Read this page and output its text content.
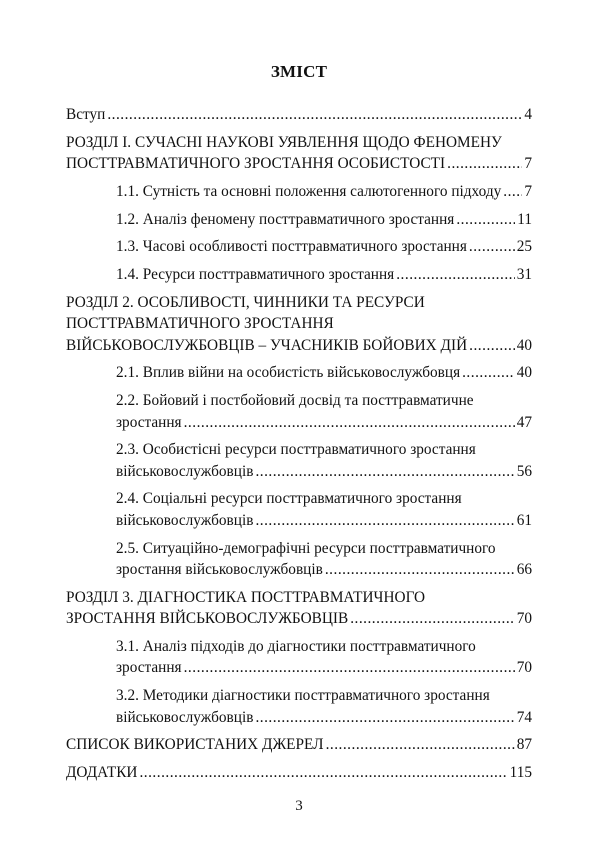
ЗМІСТ
Вступ .....	4
РОЗДІЛ І. СУЧАСНІ НАУКОВІ УЯВЛЕННЯ ЩОДО ФЕНОМЕНУ
ПОСТТРАВМАТИЧНОГО ЗРОСТАННЯ ОСОБИСТОСТІ .....	7
1.1. Сутність та основні положення салютогенного підходу ..... 7
1.2. Аналіз феномену посттравматичного зростання .....	11
1.3. Часові особливості посттравматичного зростання .....	25
1.4. Ресурси посттравматичного зростання .....	31
РОЗДІЛ 2. ОСОБЛИВОСТІ, ЧИННИКИ ТА РЕСУРСИ
ПОСТТРАВМАТИЧНОГО ЗРОСТАННЯ
ВІЙСЬКОВОСЛУЖБОВЦІВ – УЧАСНИКІВ БОЙОВИХ ДІЙ .....	40
2.1. Вплив війни на особистість військовослужбовця .....	40
2.2. Бойовий і постбойовий досвід та посттравматичне
зростання .....	47
2.3. Особистісні ресурси посттравматичного зростання
військовослужбовців .....	56
2.4. Соціальні ресурси посттравматичного зростання
військовослужбовців .....	61
2.5. Ситуаційно-демографічні ресурси посттравматичного
зростання військовослужбовців .....	66
РОЗДІЛ 3. ДІАГНОСТИКА ПОСТТРАВМАТИЧНОГО
ЗРОСТАННЯ ВІЙСЬКОВОСЛУЖБОВЦІВ .....	70
3.1. Аналіз підходів до діагностики посттравматичного
зростання .....	70
3.2. Методики діагностики посттравматичного зростання
військовослужбовців .....	74
СПИСОК ВИКОРИСТАНИХ ДЖЕРЕЛ .....	87
ДОДАТКИ .....	115
3
